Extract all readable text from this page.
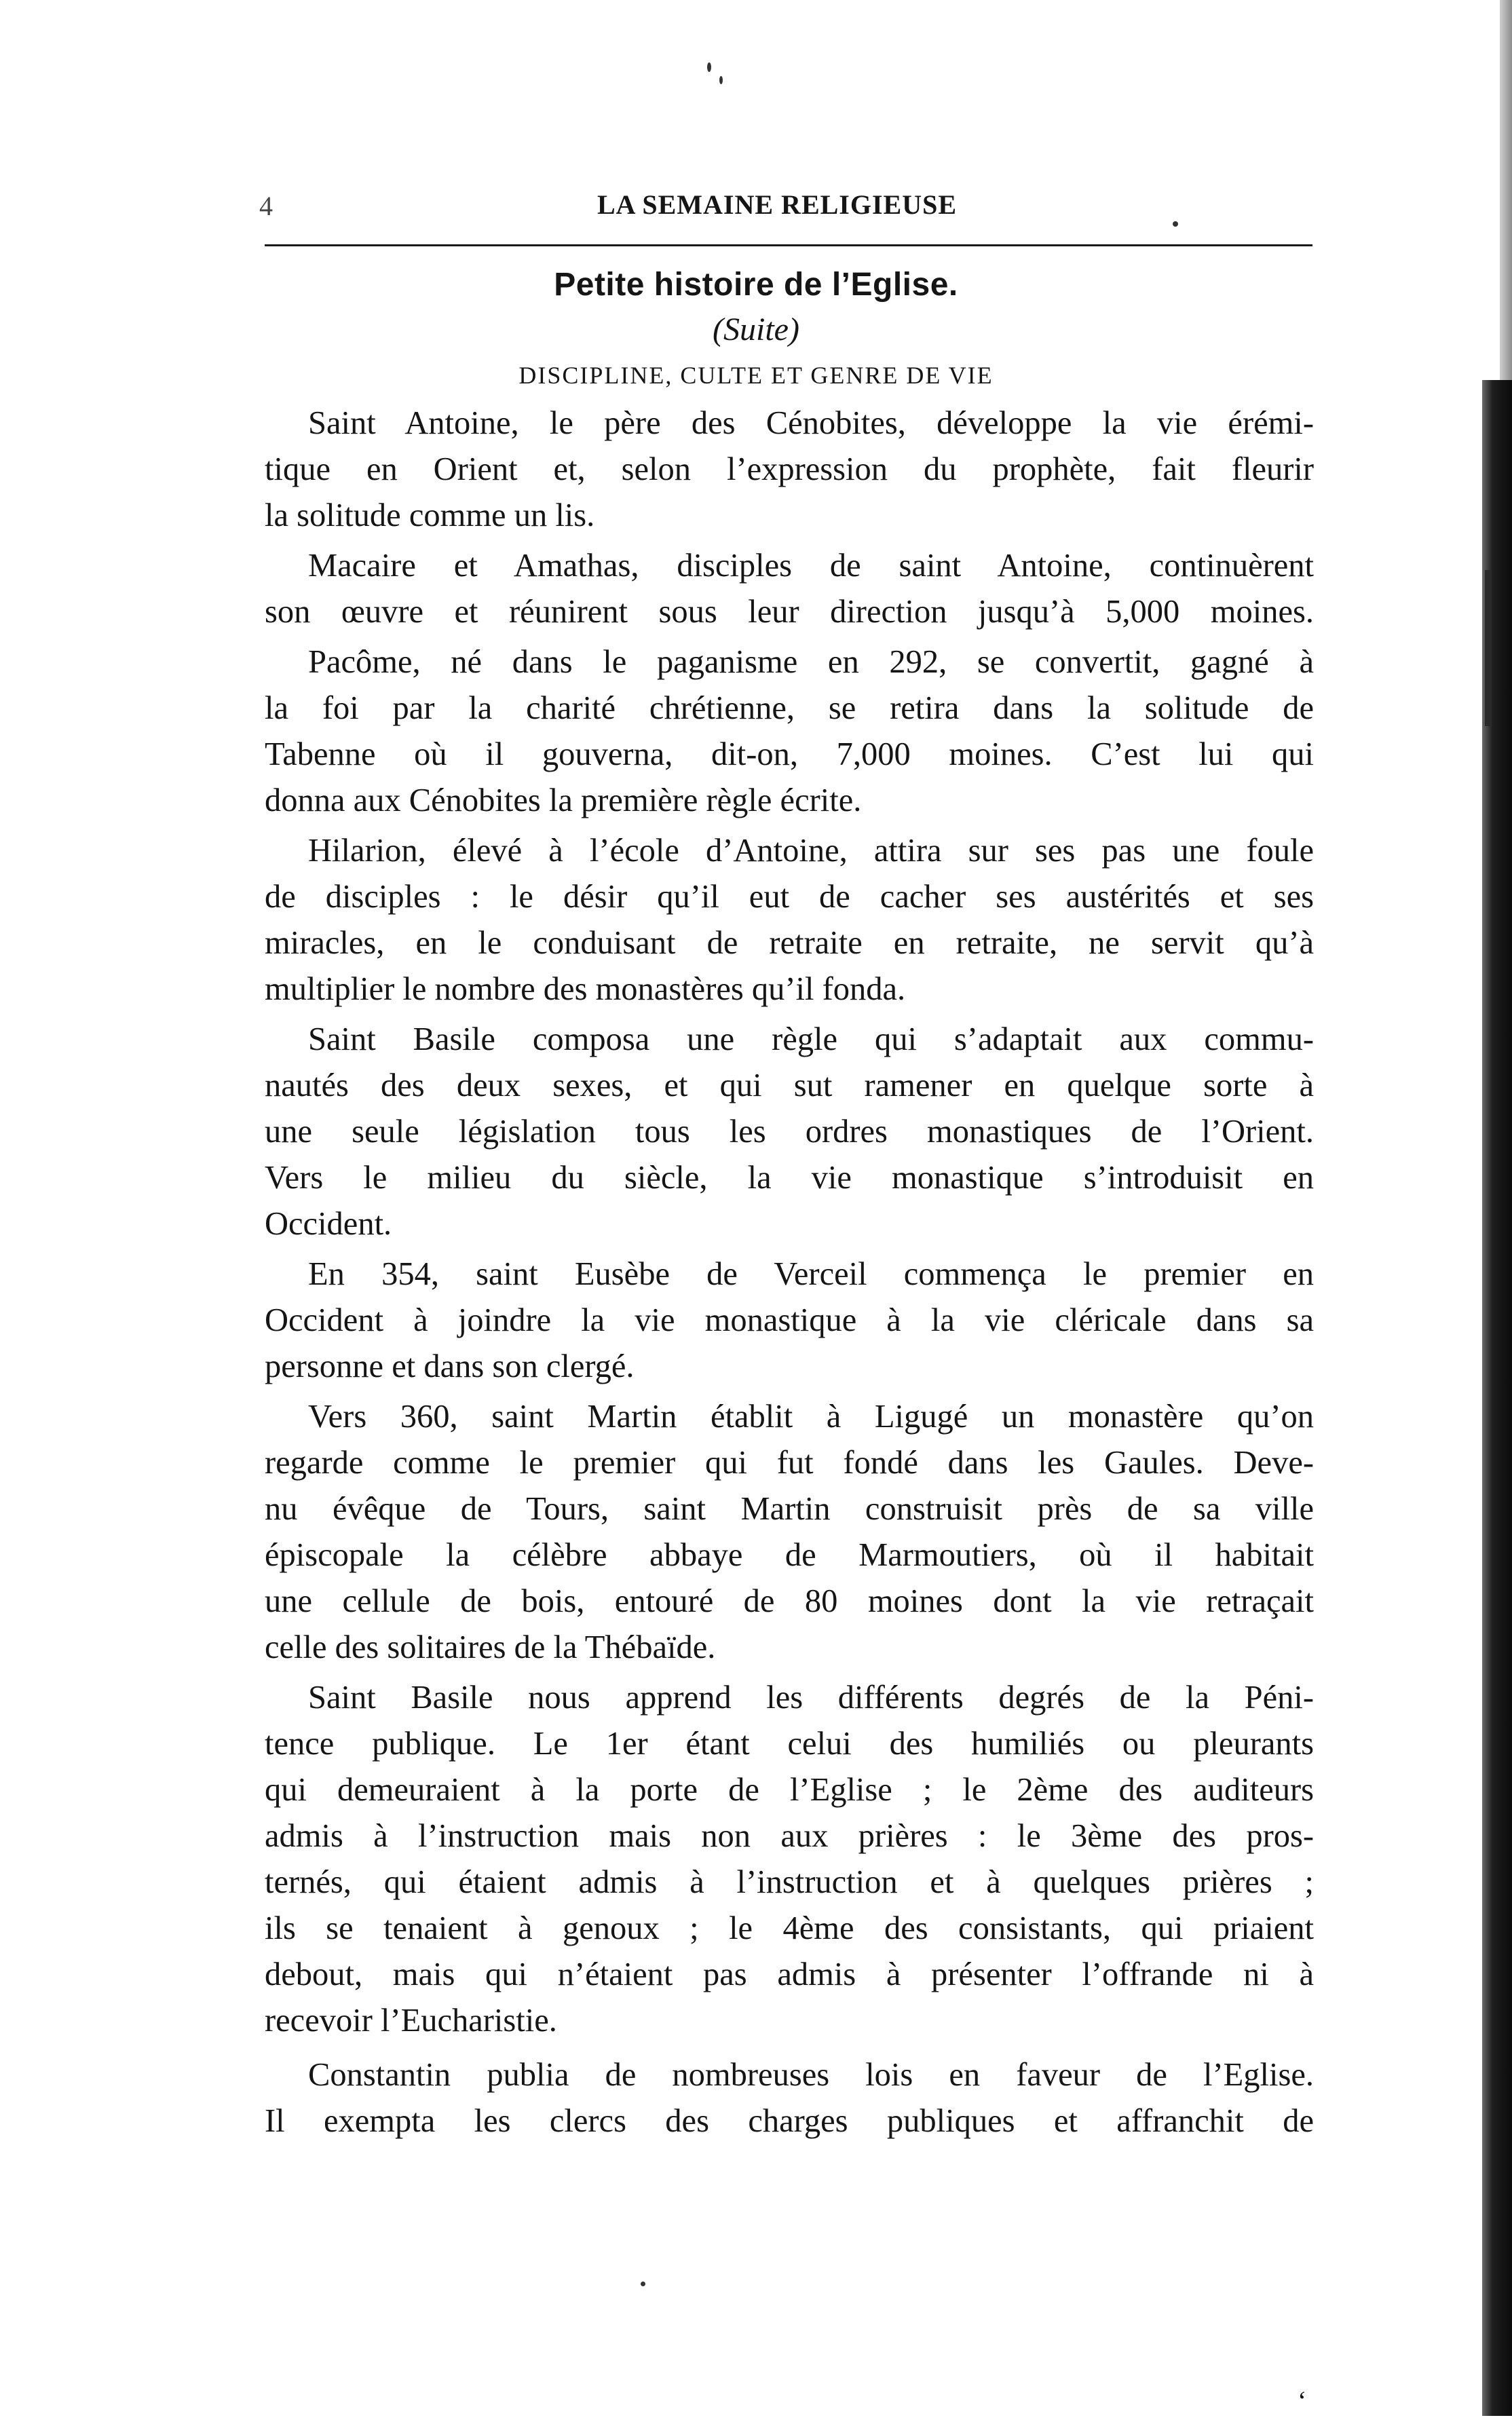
4	LA SEMAINE RELIGIEUSE
Petite histoire de l’Eglise.
(Suite)
DISCIPLINE, CULTE ET GENRE DE VIE
Saint Antoine, le père des Cénobites, développe la vie érémi-
tique en Orient et, selon l’expression du prophète, fait fleurir
la solitude comme un lis.
Macaire et Amathas, disciples de saint Antoine, continuèrent
son œuvre et réunirent sous leur direction jusqu’à 5,000 moines.
Pacôme, né dans le paganisme en 292, se convertit, gagné à
la foi par la charité chrétienne, se retira dans la solitude de
Tabenne où il gouverna, dit-on, 7,000 moines. C’est lui qui
donna aux Cénobites la première règle écrite.
Hilarion, élevé à l’école d’Antoine, attira sur ses pas une foule
de disciples : le désir qu’il eut de cacher ses austérités et ses
miracles, en le conduisant de retraite en retraite, ne servit qu’à
multiplier le nombre des monastères qu’il fonda.
Saint Basile composa une règle qui s’adaptait aux commu-
nautés des deux sexes, et qui sut ramener en quelque sorte à
une seule législation tous les ordres monastiques de l’Orient.
Vers le milieu du siècle, la vie monastique s’introduisit en
Occident.
En 354, saint Eusèbe de Verceil commença le premier en
Occident à joindre la vie monastique à la vie cléricale dans sa
personne et dans son clergé.
Vers 360, saint Martin établit à Ligugé un monastère qu’on
regarde comme le premier qui fut fondé dans les Gaules. Deve-
nu évêque de Tours, saint Martin construisit près de sa ville
épiscopale la célèbre abbaye de Marmoutiers, où il habitait
une cellule de bois, entouré de 80 moines dont la vie retraçait
celle des solitaires de la Thébaïde.
Saint Basile nous apprend les différents degrés de la Péni-
tence publique. Le 1er étant celui des humiliés ou pleurants
qui demeuraient à la porte de l’Eglise ; le 2ème des auditeurs
admis à l’instruction mais non aux prières : le 3ème des pros-
ternés, qui étaient admis à l’instruction et à quelques prières ;
ils se tenaient à genoux ; le 4ème des consistants, qui priaient
debout, mais qui n’étaient pas admis à présenter l’offrande ni à
recevoir l’Eucharistie.
Constantin publia de nombreuses lois en faveur de l’Eglise.
Il exempta les clercs des charges publiques et affranchit de
ʻ
